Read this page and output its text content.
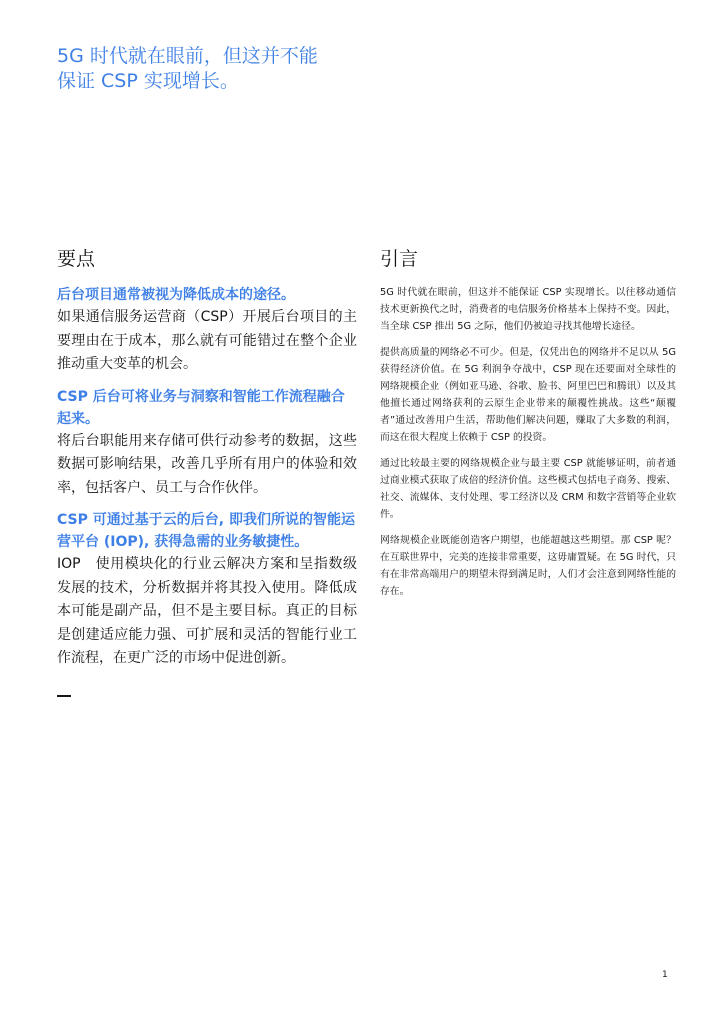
5G 时代就在眼前，但这并不能
保证 CSP 实现增长。
要点

后台项目通常被视为降低成本的途径。

如果通信服务运营商（CSP）开展后台项目的主要理由在于成本，那么就有可能错过在整个企业推动重大变革的机会。

CSP 后台可将业务与洞察和智能工作流程融合起来。

将后台职能用来存储可供行动参考的数据，这些数据可影响结果，改善几乎所有用户的体验和效率，包括客户、员工与合作伙伴。

CSP 可通过基于云的后台, 即我们所说的智能运营平台 (IOP), 获得急需的业务敏捷性。

IOP　使用模块化的行业云解决方案和呈指数级发展的技术，分析数据并将其投入使用。降低成本可能是副产品，但不是主要目标。真正的目标是创建适应能力强、可扩展和灵活的智能行业工作流程，在更广泛的市场中促进创新。

引言

5G 时代就在眼前，但这并不能保证 CSP 实现增长。以往移动通信技术更新换代之时，消费者的电信服务价格基本上保持不变。因此，当全球 CSP 推出 5G 之际，他们仍被迫寻找其他增长途径。

提供高质量的网络必不可少。但是，仅凭出色的网络并不足以从 5G 获得经济价值。在 5G 利润争夺战中，CSP 现在还要面对全球性的网络规模企业（例如亚马逊、谷歌、脸书、阿里巴巴和腾讯）以及其他擅长通过网络获利的云原生企业带来的颠覆性挑战。这些“颠覆者”通过改善用户生活，帮助他们解决问题，赚取了大多数的利润，而这在很大程度上依赖于 CSP 的投资。

通过比较最主要的网络规模企业与最主要 CSP 就能够证明，前者通过商业模式获取了成倍的经济价值。这些模式包括电子商务、搜索、社交、流媒体、支付处理、零工经济以及 CRM 和数字营销等企业软件。

网络规模企业既能创造客户期望，也能超越这些期望。那 CSP 呢？在互联世界中，完美的连接非常重要，这毋庸置疑。在 5G 时代，只有在非常高端用户的期望未得到满足时，人们才会注意到网络性能的存在。

1
